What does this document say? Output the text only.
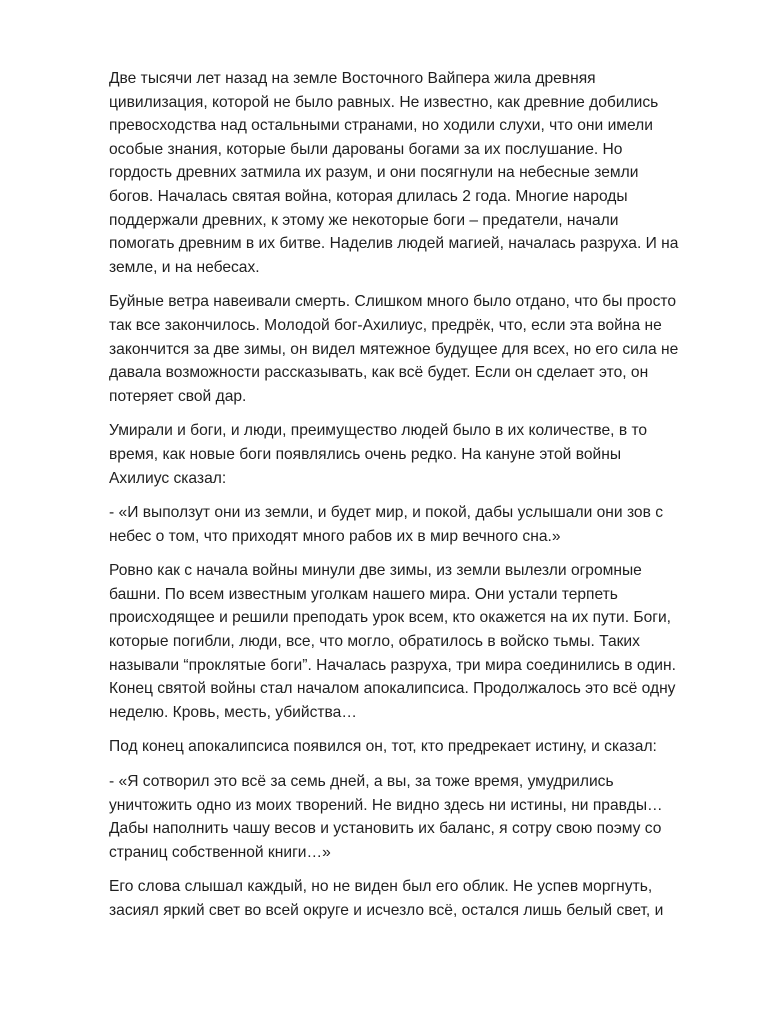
Две тысячи лет назад на земле Восточного Вайпера жила древняя
цивилизация, которой не было равных. Не известно, как древние добились
превосходства над остальными странами, но ходили слухи, что они имели
особые знания, которые были дарованы богами за их послушание. Но
гордость древних затмила их разум, и они посягнули на небесные земли
богов. Началась святая война, которая длилась 2 года. Многие народы
поддержали древних, к этому же некоторые боги – предатели, начали
помогать древним в их битве. Наделив людей магией, началась разруха. И на
земле, и на небесах.

Буйные ветра навеивали смерть. Слишком много было отдано, что бы просто
так все закончилось. Молодой бог-Ахилиус, предрёк, что, если эта война не
закончится за две зимы, он видел мятежное будущее для всех, но его сила не
давала возможности рассказывать, как всё будет. Если он сделает это, он
потеряет свой дар.

Умирали и боги, и люди, преимущество людей было в их количестве, в то
время, как новые боги появлялись очень редко. На кануне этой войны
Ахилиус сказал:

- «И выползут они из земли, и будет мир, и покой, дабы услышали они зов с
небес о том, что приходят много рабов их в мир вечного сна.»

Ровно как с начала войны минули две зимы, из земли вылезли огромные
башни. По всем известным уголкам нашего мира. Они устали терпеть
происходящее и решили преподать урок всем, кто окажется на их пути. Боги,
которые погибли, люди, все, что могло, обратилось в войско тьмы. Таких
называли “проклятые боги”. Началась разруха, три мира соединились в один.
Конец святой войны стал началом апокалипсиса. Продолжалось это всё одну
неделю. Кровь, месть, убийства…

Под конец апокалипсиса появился он, тот, кто предрекает истину, и сказал:

- «Я сотворил это всё за семь дней, а вы, за тоже время, умудрились
уничтожить одно из моих творений. Не видно здесь ни истины, ни правды…
Дабы наполнить чашу весов и установить их баланс, я сотру свою поэму со
страниц собственной книги…»

Его слова слышал каждый, но не виден был его облик. Не успев моргнуть,
засиял яркий свет во всей округе и исчезло всё, остался лишь белый свет, и
